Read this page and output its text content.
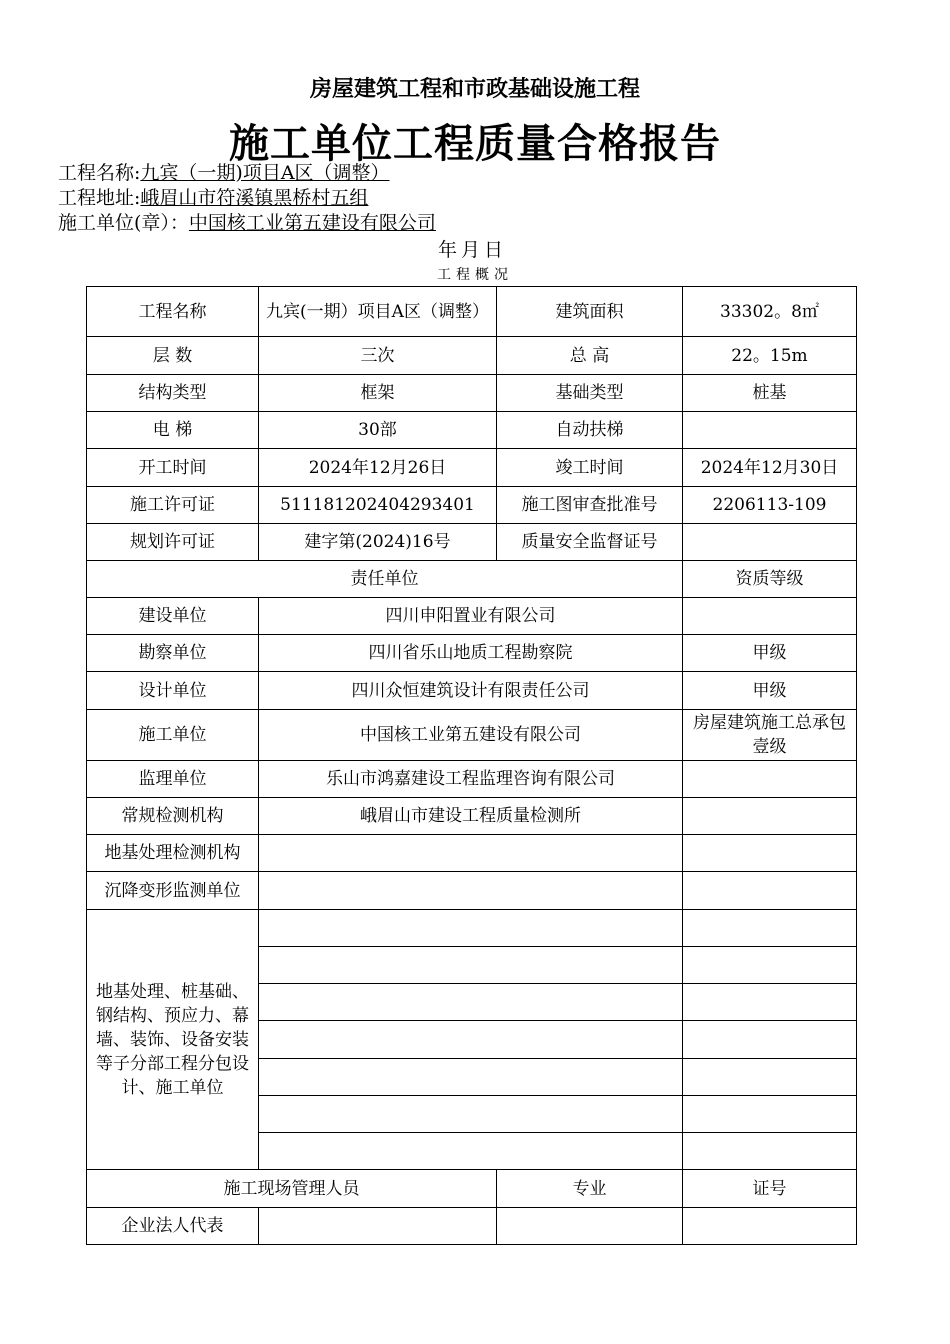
房屋建筑工程和市政基础设施工程
施工单位工程质量合格报告
工程名称:九宾（一期)项目A区（调整）
工程地址:峨眉山市符溪镇黑桥村五组
施工单位(章）：中国核工业第五建设有限公司
年月日
工程概况
工程名称	九宾(一期）项目A区（调整）	建筑面积	33302。8㎡
层 数	三次	总 高	22。15m
结构类型	框架	基础类型	桩基
电 梯	30部	自动扶梯	
开工时间	2024年12月26日	竣工时间	2024年12月30日
施工许可证	511181202404293401	施工图审查批准号	2206113-109
规划许可证	建字第(2024)16号	质量安全监督证号	
责任单位			资质等级
建设单位	四川申阳置业有限公司		
勘察单位	四川省乐山地质工程勘察院		甲级
设计单位	四川众恒建筑设计有限责任公司		甲级
施工单位	中国核工业第五建设有限公司		房屋建筑施工总承包壹级
监理单位	乐山市鸿嘉建设工程监理咨询有限公司		
常规检测机构	峨眉山市建设工程质量检测所		
地基处理检测机构			
沉降变形监测单位			
地基处理、桩基础、钢结构、预应力、幕墙、装饰、设备安装等子分部工程分包设计、施工单位			

施工现场管理人员		专业	证号
企业法人代表			
